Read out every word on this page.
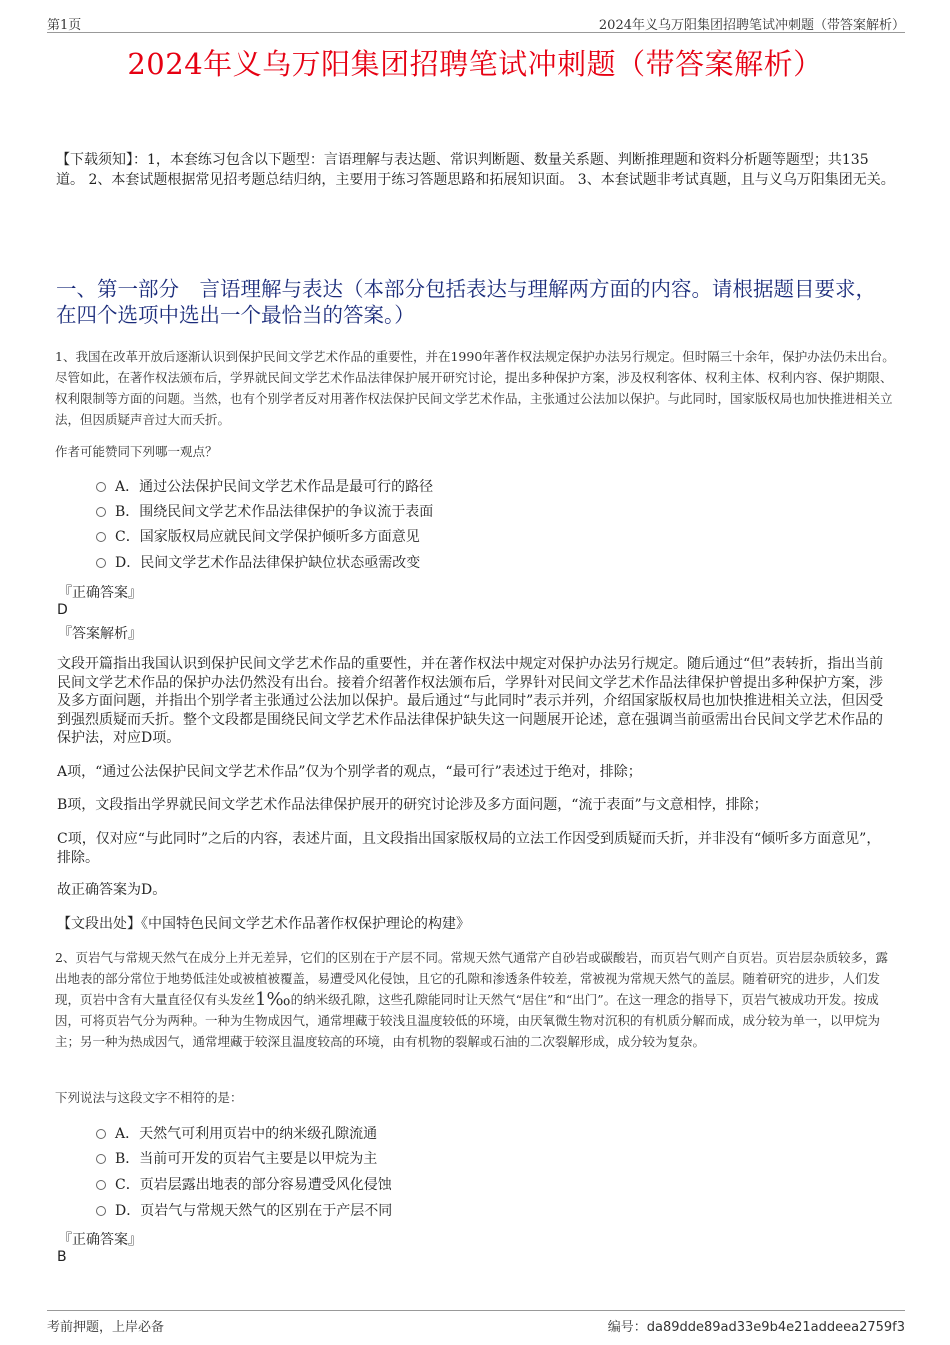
第1页	2024年义乌万阳集团招聘笔试冲刺题（带答案解析）
2024年义乌万阳集团招聘笔试冲刺题（带答案解析）
【下载须知】：1，本套练习包含以下题型：言语理解与表达题、常识判断题、数量关系题、判断推理题和资料分析题等题型；共135道。 2、本套试题根据常见招考题总结归纳，主要用于练习答题思路和拓展知识面。 3、本套试题非考试真题，且与义乌万阳集团无关。
一、第一部分　言语理解与表达（本部分包括表达与理解两方面的内容。请根据题目要求，在四个选项中选出一个最恰当的答案。）
1、我国在改革开放后逐渐认识到保护民间文学艺术作品的重要性，并在1990年著作权法规定保护办法另行规定。但时隔三十余年，保护办法仍未出台。尽管如此，在著作权法颁布后，学界就民间文学艺术作品法律保护展开研究讨论，提出多种保护方案，涉及权利客体、权利主体、权利内容、保护期限、权利限制等方面的问题。当然，也有个别学者反对用著作权法保护民间文学艺术作品，主张通过公法加以保护。与此同时，国家版权局也加快推进相关立法，但因质疑声音过大而夭折。
作者可能赞同下列哪一观点？
A．通过公法保护民间文学艺术作品是最可行的路径
B．围绕民间文学艺术作品法律保护的争议流于表面
C．国家版权局应就民间文学保护倾听多方面意见
D．民间文学艺术作品法律保护缺位状态亟需改变
『正确答案』
D
『答案解析』
文段开篇指出我国认识到保护民间文学艺术作品的重要性，并在著作权法中规定对保护办法另行规定。随后通过“但”表转折，指出当前民间文学艺术作品的保护办法仍然没有出台。接着介绍著作权法颁布后，学界针对民间文学艺术作品法律保护曾提出多种保护方案，涉及多方面问题，并指出个别学者主张通过公法加以保护。最后通过“与此同时”表示并列，介绍国家版权局也加快推进相关立法，但因受到强烈质疑而夭折。整个文段都是围绕民间文学艺术作品法律保护缺失这一问题展开论述，意在强调当前亟需出台民间文学艺术作品的保护法，对应D项。
A项，“通过公法保护民间文学艺术作品”仅为个别学者的观点，“最可行”表述过于绝对，排除；
B项，文段指出学界就民间文学艺术作品法律保护展开的研究讨论涉及多方面问题，“流于表面”与文意相悖，排除；
C项，仅对应“与此同时”之后的内容，表述片面，且文段指出国家版权局的立法工作因受到质疑而夭折，并非没有“倾听多方面意见”，排除。
故正确答案为D。
【文段出处】《中国特色民间文学艺术作品著作权保护理论的构建》
2、页岩气与常规天然气在成分上并无差异，它们的区别在于产层不同。常规天然气通常产自砂岩或碳酸岩，而页岩气则产自页岩。页岩层杂质较多，露出地表的部分常位于地势低洼处或被植被覆盖，易遭受风化侵蚀，且它的孔隙和渗透条件较差，常被视为常规天然气的盖层。随着研究的进步，人们发现，页岩中含有大量直径仅有头发丝1‰的纳米级孔隙，这些孔隙能同时让天然气“居住”和“出门”。在这一理念的指导下，页岩气被成功开发。按成因，可将页岩气分为两种。一种为生物成因气，通常埋藏于较浅且温度较低的环境，由厌氧微生物对沉积的有机质分解而成，成分较为单一，以甲烷为主；另一种为热成因气，通常埋藏于较深且温度较高的环境，由有机物的裂解或石油的二次裂解形成，成分较为复杂。
下列说法与这段文字不相符的是：
A．天然气可利用页岩中的纳米级孔隙流通
B．当前可开发的页岩气主要是以甲烷为主
C．页岩层露出地表的部分容易遭受风化侵蚀
D．页岩气与常规天然气的区别在于产层不同
『正确答案』
B
考前押题，上岸必备	编号：da89dde89ad33e9b4e21addeea2759f3
